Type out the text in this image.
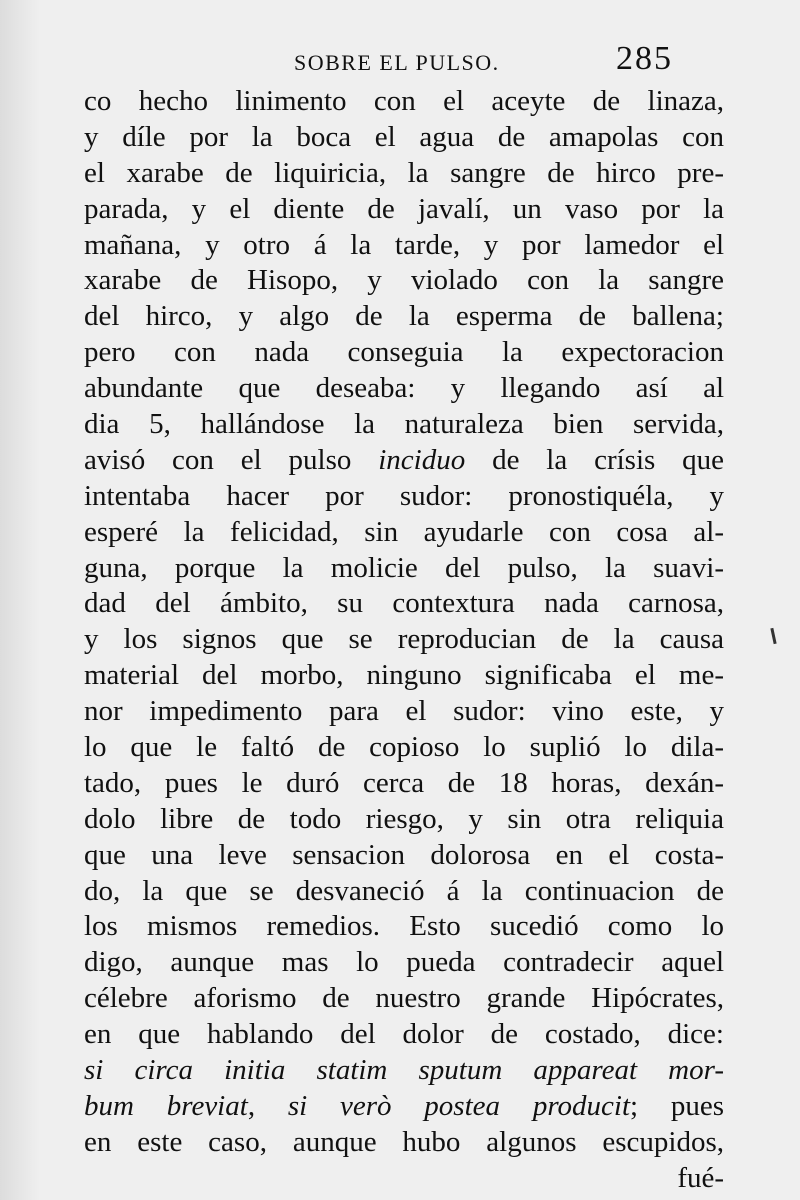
SOBRE EL PULSO.	285
co hecho linimento con el aceyte de linaza,
y díle por la boca el agua de amapolas con
el xarabe de liquiricia, la sangre de hirco pre-
parada, y el diente de javalí, un vaso por la
mañana, y otro á la tarde, y por lamedor el
xarabe de Hisopo, y violado con la sangre
del hirco, y algo de la esperma de ballena;
pero con nada conseguia la expectoracion
abundante que deseaba: y llegando así al
dia 5, hallándose la naturaleza bien servida,
avisó con el pulso inciduo de la crísis que
intentaba hacer por sudor: pronostiquéla, y
esperé la felicidad, sin ayudarle con cosa al-
guna, porque la molicie del pulso, la suavi-
dad del ámbito, su contextura nada carnosa,
y los signos que se reproducian de la causa
material del morbo, ninguno significaba el me-
nor impedimento para el sudor: vino este, y
lo que le faltó de copioso lo suplió lo dila-
tado, pues le duró cerca de 18 horas, dexán-
dolo libre de todo riesgo, y sin otra reliquia
que una leve sensacion dolorosa en el costa-
do, la que se desvaneció á la continuacion de
los mismos remedios. Esto sucedió como lo
digo, aunque mas lo pueda contradecir aquel
célebre aforismo de nuestro grande Hipócrates,
en que hablando del dolor de costado, dice:
si circa initia statim sputum appareat mor-
bum breviat, si verò postea producit; pues
en este caso, aunque hubo algunos escupidos,
fué-
